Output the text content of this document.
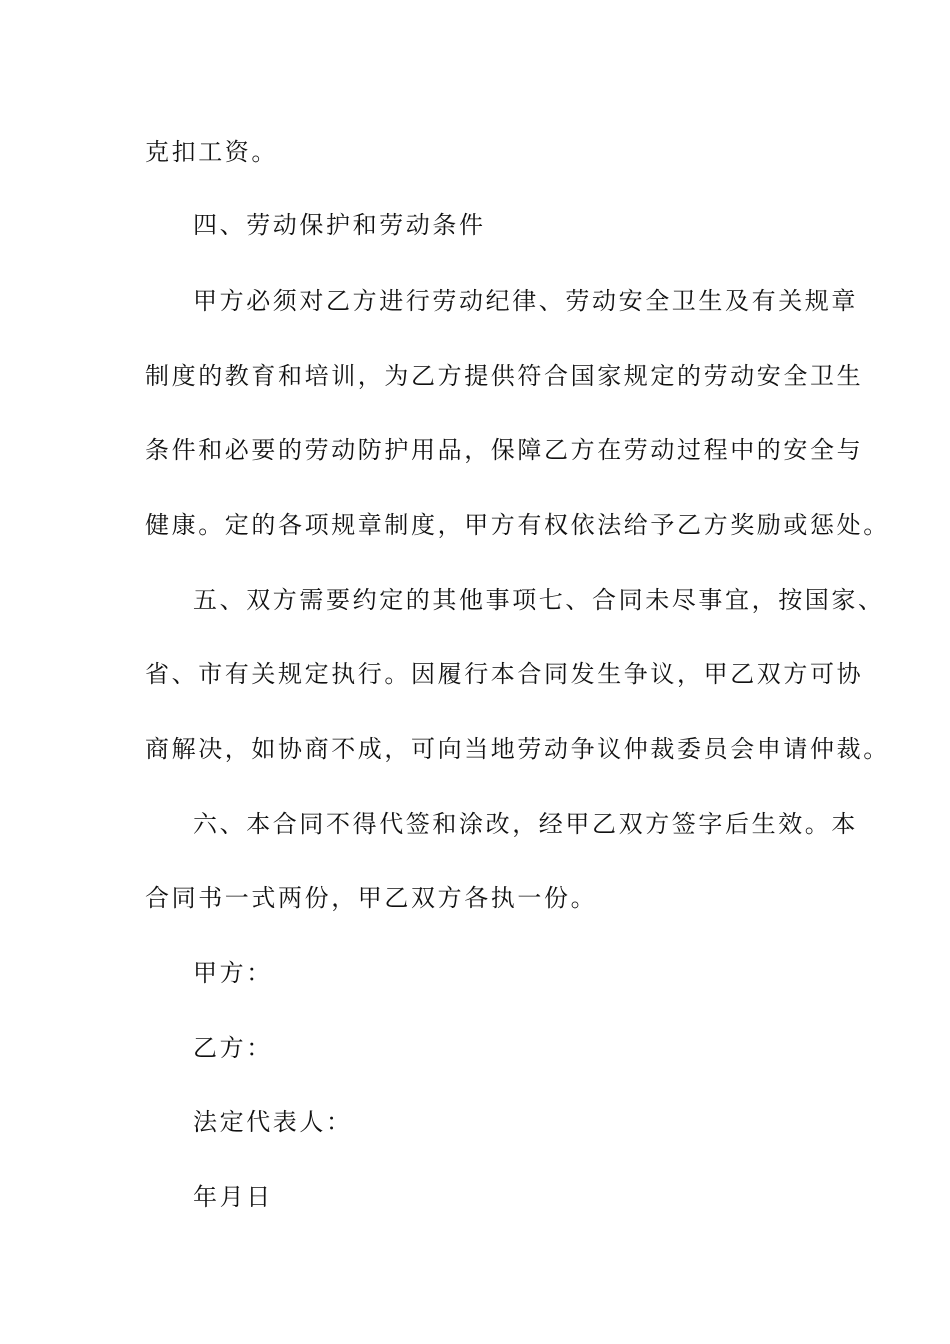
克扣工资。
四、劳动保护和劳动条件
甲方必须对乙方进行劳动纪律、劳动安全卫生及有关规章
制度的教育和培训，为乙方提供符合国家规定的劳动安全卫生
条件和必要的劳动防护用品，保障乙方在劳动过程中的安全与
健康。定的各项规章制度，甲方有权依法给予乙方奖励或惩处。
五、双方需要约定的其他事项七、合同未尽事宜，按国家、
省、市有关规定执行。因履行本合同发生争议，甲乙双方可协
商解决，如协商不成，可向当地劳动争议仲裁委员会申请仲裁。
六、本合同不得代签和涂改，经甲乙双方签字后生效。本
合同书一式两份，甲乙双方各执一份。
甲方：
乙方：
法定代表人：
年月日
